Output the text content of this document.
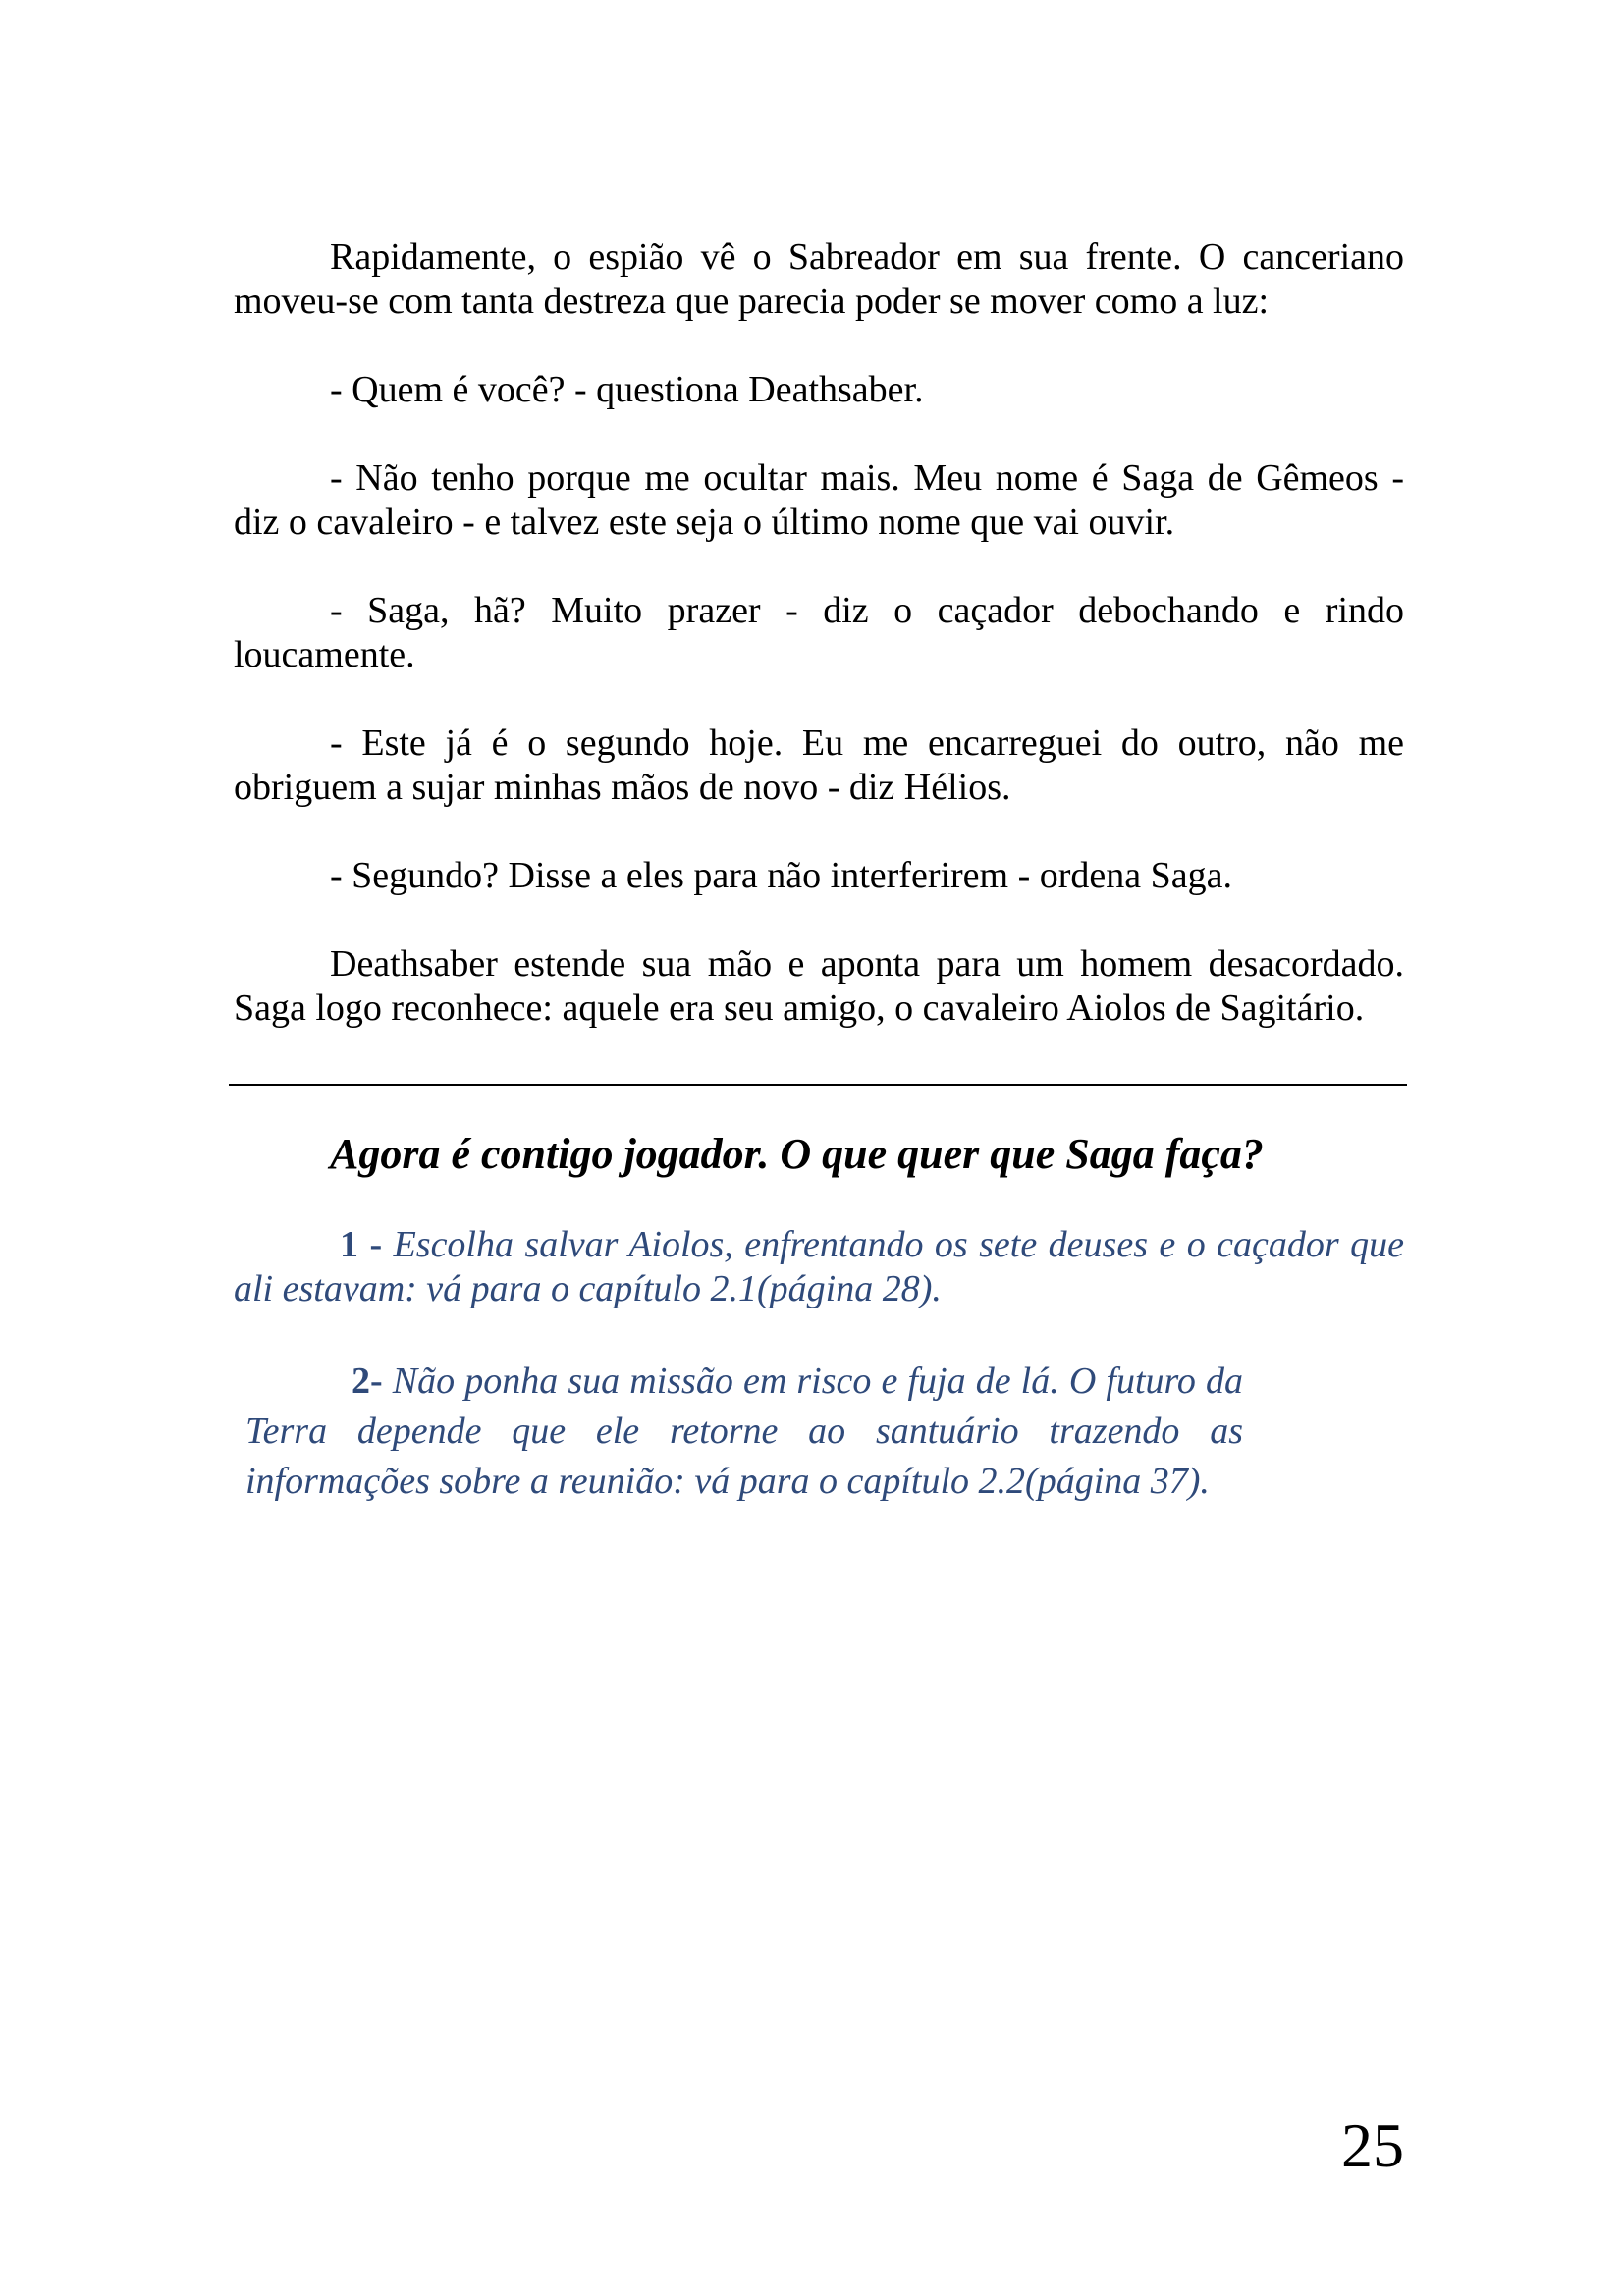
Rapidamente, o espião vê o Sabreador em sua frente. O canceriano moveu-se com tanta destreza que parecia poder se mover como a luz:

- Quem é você? - questiona Deathsaber.

- Não tenho porque me ocultar mais. Meu nome é Saga de Gêmeos - diz o cavaleiro - e talvez este seja o último nome que vai ouvir.

- Saga, hã? Muito prazer - diz o caçador debochando e rindo loucamente.

- Este já é o segundo hoje. Eu me encarreguei do outro, não me obriguem a sujar minhas mãos de novo - diz Hélios.

- Segundo? Disse a eles para não interferirem - ordena Saga.

Deathsaber estende sua mão e aponta para um homem desacordado. Saga logo reconhece: aquele era seu amigo, o cavaleiro Aiolos de Sagitário.

Agora é contigo jogador. O que quer que Saga faça?

1 - Escolha salvar Aiolos, enfrentando os sete deuses e o caçador que ali estavam: vá para o capítulo 2.1(página 28).

2- Não ponha sua missão em risco e fuja de lá. O futuro da Terra depende que ele retorne ao santuário trazendo as informações sobre a reunião: vá para o capítulo 2.2(página 37).

25
